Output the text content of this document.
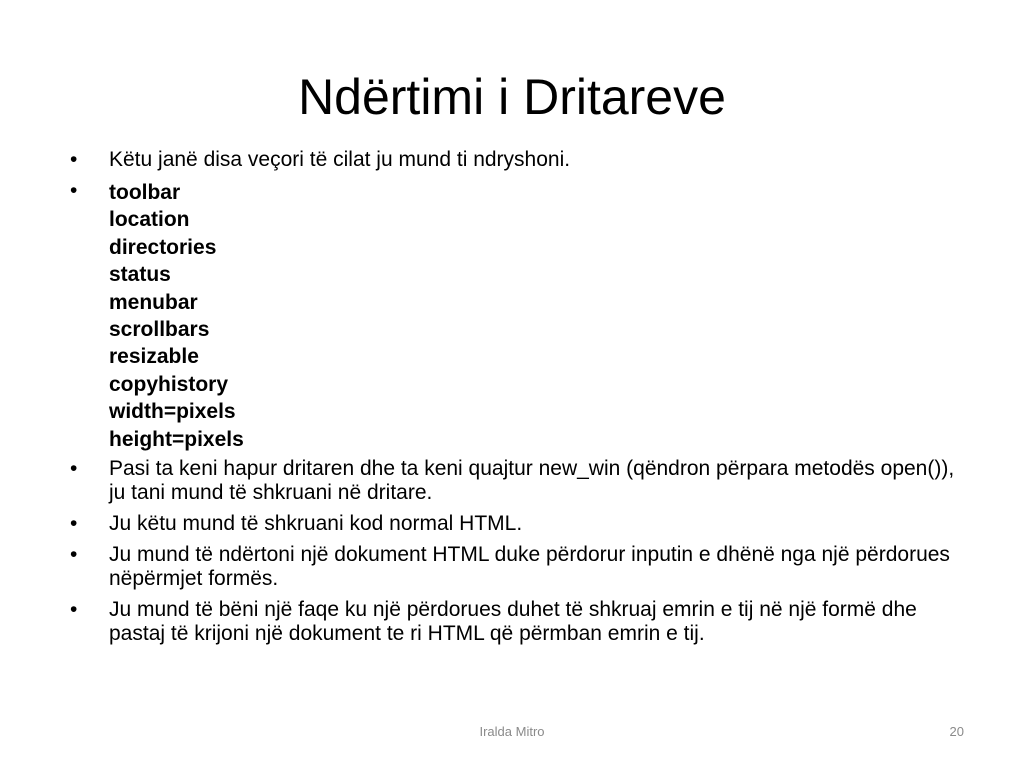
Ndërtimi i Dritareve
•	Këtu janë disa veçori të cilat ju mund ti ndryshoni.
•	toolbar
location
directories
status
menubar
scrollbars
resizable
copyhistory
width=pixels
height=pixels
•	Pasi ta keni hapur dritaren dhe ta keni quajtur new_win (qëndron përpara metodës open()), ju tani mund të shkruani në dritare.
•	Ju këtu mund të shkruani kod normal HTML.
•	Ju mund të ndërtoni një dokument HTML duke përdorur inputin e dhënë nga një përdorues nëpërmjet formës.
•	Ju mund të bëni një faqe ku një përdorues duhet të shkruaj emrin e tij në një formë dhe pastaj të krijoni një dokument te ri HTML që përmban emrin e tij.
Iralda Mitro	20
